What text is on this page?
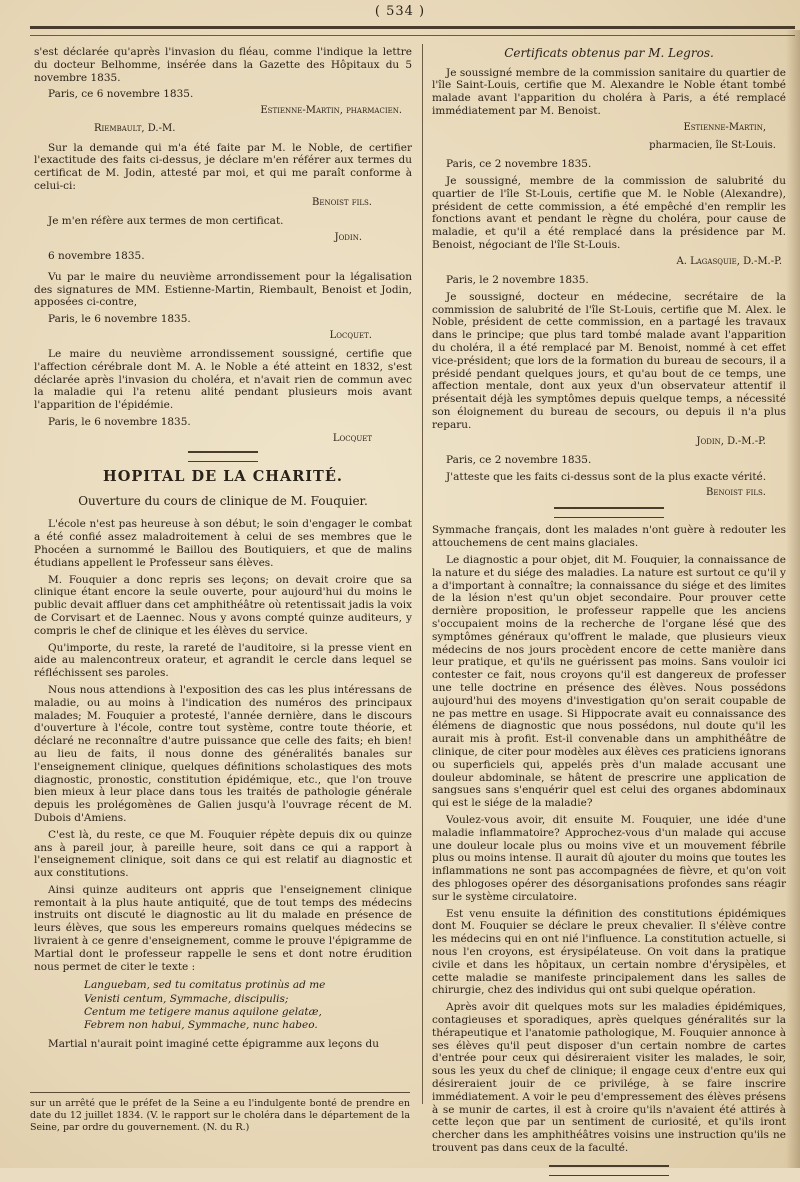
( 534 )

s'est déclarée qu'après l'invasion du fléau, comme l'indique la lettre du docteur Belhomme, insérée dans la Gazette des Hôpitaux du 5 novembre 1835.

Paris, ce 6 novembre 1835.

Estienne-Martin, pharmacien.
Riembault, D.-M.

Sur la demande qui m'a été faite par M. le Noble, de certifier l'exactitude des faits ci-dessus, je déclare m'en référer aux termes du certificat de M. Jodin, attesté par moi, et qui me paraît conforme à celui-ci:

Benoist fils.

Je m'en réfère aux termes de mon certificat.

Jodin.

6 novembre 1835.

Vu par le maire du neuvième arrondissement pour la légalisation des signatures de MM. Estienne-Martin, Riembault, Benoist et Jodin, apposées ci-contre,

Paris, le 6 novembre 1835.

Locquet.

Le maire du neuvième arrondissement soussigné, certifie que l'affection cérébrale dont M. A. le Noble a été atteint en 1832, s'est déclarée après l'invasion du choléra, et n'avait rien de commun avec la maladie qui l'a retenu alité pendant plusieurs mois avant l'apparition de l'épidémie.

Paris, le 6 novembre 1835.

Locquet
HOPITAL DE LA CHARITÉ.
Ouverture du cours de clinique de M. Fouquier.

L'école n'est pas heureuse à son début; le soin d'engager le combat a été confié assez maladroitement à celui de ses membres que le Phocéen a surnommé le Baillou des Boutiquiers, et que de malins étudians appellent le Professeur sans élèves.

M. Fouquier a donc repris ses leçons; on devait croire que sa clinique étant encore la seule ouverte, pour aujourd'hui du moins le public devait affluer dans cet amphithéâtre où retentissait jadis la voix de Corvisart et de Laennec. Nous y avons compté quinze auditeurs, y compris le chef de clinique et les élèves du service.

Qu'importe, du reste, la rareté de l'auditoire, si la presse vient en aide au malencontreux orateur, et agrandit le cercle dans lequel se réfléchissent ses paroles.

Nous nous attendions à l'exposition des cas les plus intéressans de maladie, ou au moins à l'indication des numéros des principaux malades; M. Fouquier a protesté, l'année dernière, dans le discours d'ouverture à l'école, contre tout système, contre toute théorie, et déclaré ne reconnaître d'autre puissance que celle des faits; eh bien! au lieu de faits, il nous donne des généralités banales sur l'enseignement clinique, quelques définitions scholastiques des mots diagnostic, pronostic, constitution épidémique, etc., que l'on trouve bien mieux à leur place dans tous les traités de pathologie générale depuis les prolégomènes de Galien jusqu'à l'ouvrage récent de M. Dubois d'Amiens.

C'est là, du reste, ce que M. Fouquier répète depuis dix ou quinze ans à pareil jour, à pareille heure, soit dans ce qui a rapport à l'enseignement clinique, soit dans ce qui est relatif au diagnostic et aux constitutions.

Ainsi quinze auditeurs ont appris que l'enseignement clinique remontait à la plus haute antiquité, que de tout temps des médecins instruits ont discuté le diagnostic au lit du malade en présence de leurs élèves, que sous les empereurs romains quelques médecins se livraient à ce genre d'enseignement, comme le prouve l'épigramme de Martial dont le professeur rappelle le sens et dont notre érudition nous permet de citer le texte :

Languebam, sed tu comitatus protinùs ad me
Venisti centum, Symmache, discipulis;
Centum me tetigere manus aquilone gelatæ,
Febrem non habui, Symmache, nunc habeo.

Martial n'aurait point imaginé cette épigramme aux leçons du

sur un arrêté que le préfet de la Seine a eu l'indulgente bonté de prendre en date du 12 juillet 1834. (V. le rapport sur le choléra dans le département de la Seine, par ordre du gouvernement. (N. du R.)
Certificats obtenus par M. Legros.

Je soussigné membre de la commission sanitaire du quartier de l'île Saint-Louis, certifie que M. Alexandre le Noble étant tombé malade avant l'apparition du choléra à Paris, a été remplacé immédiatement par M. Benoist.

Estienne-Martin,
pharmacien, île St-Louis.

Paris, ce 2 novembre 1835.

Je soussigné, membre de la commission de salubrité du quartier de l'île St-Louis, certifie que M. le Noble (Alexandre), président de cette commission, a été empêché d'en remplir les fonctions avant et pendant le règne du choléra, pour cause de maladie, et qu'il a été remplacé dans la présidence par M. Benoist, négociant de l'île St-Louis.

A. Lagasquie, D.-M.-P.

Paris, le 2 novembre 1835.

Je soussigné, docteur en médecine, secrétaire de la commission de salubrité de l'île St-Louis, certifie que M. Alex. le Noble, président de cette commission, en a partagé les travaux dans le principe; que plus tard tombé malade avant l'apparition du choléra, il a été remplacé par M. Benoist, nommé à cet effet vice-président; que lors de la formation du bureau de secours, il a présidé pendant quelques jours, et qu'au bout de ce temps, une affection mentale, dont aux yeux d'un observateur attentif il présentait déjà les symptômes depuis quelque temps, a nécessité son éloignement du bureau de secours, ou depuis il n'a plus reparu.

Jodin, D.-M.-P.

Paris, ce 2 novembre 1835.

J'atteste que les faits ci-dessus sont de la plus exacte vérité.

Benoist fils.

Symmache français, dont les malades n'ont guère à redouter les attouchemens de cent mains glaciales.

Le diagnostic a pour objet, dit M. Fouquier, la connaissance de la nature et du siége des maladies. La nature est surtout ce qu'il y a d'important à connaître; la connaissance du siége et des limites de la lésion n'est qu'un objet secondaire. Pour prouver cette dernière proposition, le professeur rappelle que les anciens s'occupaient moins de la recherche de l'organe lésé que des symptômes généraux qu'offrent le malade, que plusieurs vieux médecins de nos jours procèdent encore de cette manière dans leur pratique, et qu'ils ne guérissent pas moins. Sans vouloir ici contester ce fait, nous croyons qu'il est dangereux de professer une telle doctrine en présence des élèves. Nous possédons aujourd'hui des moyens d'investigation qu'on serait coupable de ne pas mettre en usage. Si Hippocrate avait eu connaissance des élémens de diagnostic que nous possédons, nul doute qu'il les aurait mis à profit. Est-il convenable dans un amphithéâtre de clinique, de citer pour modèles aux élèves ces praticiens ignorans ou superficiels qui, appelés près d'un malade accusant une douleur abdominale, se hâtent de prescrire une application de sangsues sans s'enquérir quel est celui des organes abdominaux qui est le siége de la maladie?

Voulez-vous avoir, dit ensuite M. Fouquier, une idée d'une maladie inflammatoire? Approchez-vous d'un malade qui accuse une douleur locale plus ou moins vive et un mouvement fébrile plus ou moins intense. Il aurait dû ajouter du moins que toutes les inflammations ne sont pas accompagnées de fièvre, et qu'on voit des phlogoses opérer des désorganisations profondes sans réagir sur le système circulatoire.

Est venu ensuite la définition des constitutions épidémiques dont M. Fouquier se déclare le preux chevalier. Il s'élève contre les médecins qui en ont nié l'influence. La constitution actuelle, si nous l'en croyons, est érysipélateuse. On voit dans la pratique civile et dans les hôpitaux, un certain nombre d'érysipèles, et cette maladie se manifeste principalement dans les salles de chirurgie, chez des individus qui ont subi quelque opération.

Après avoir dit quelques mots sur les maladies épidémiques, contagieuses et sporadiques, après quelques généralités sur la thérapeutique et l'anatomie pathologique, M. Fouquier annonce à ses élèves qu'il peut disposer d'un certain nombre de cartes d'entrée pour ceux qui désireraient visiter les malades, le soir, sous les yeux du chef de clinique; il engage ceux d'entre eux qui désireraient jouir de ce privilége, à se faire inscrire immédiatement. A voir le peu d'empressement des élèves présens à se munir de cartes, il est à croire qu'ils n'avaient été attirés à cette leçon que par un sentiment de curiosité, et qu'ils iront chercher dans les amphithéâtres voisins une instruction qu'ils ne trouvent pas dans ceux de la faculté.
